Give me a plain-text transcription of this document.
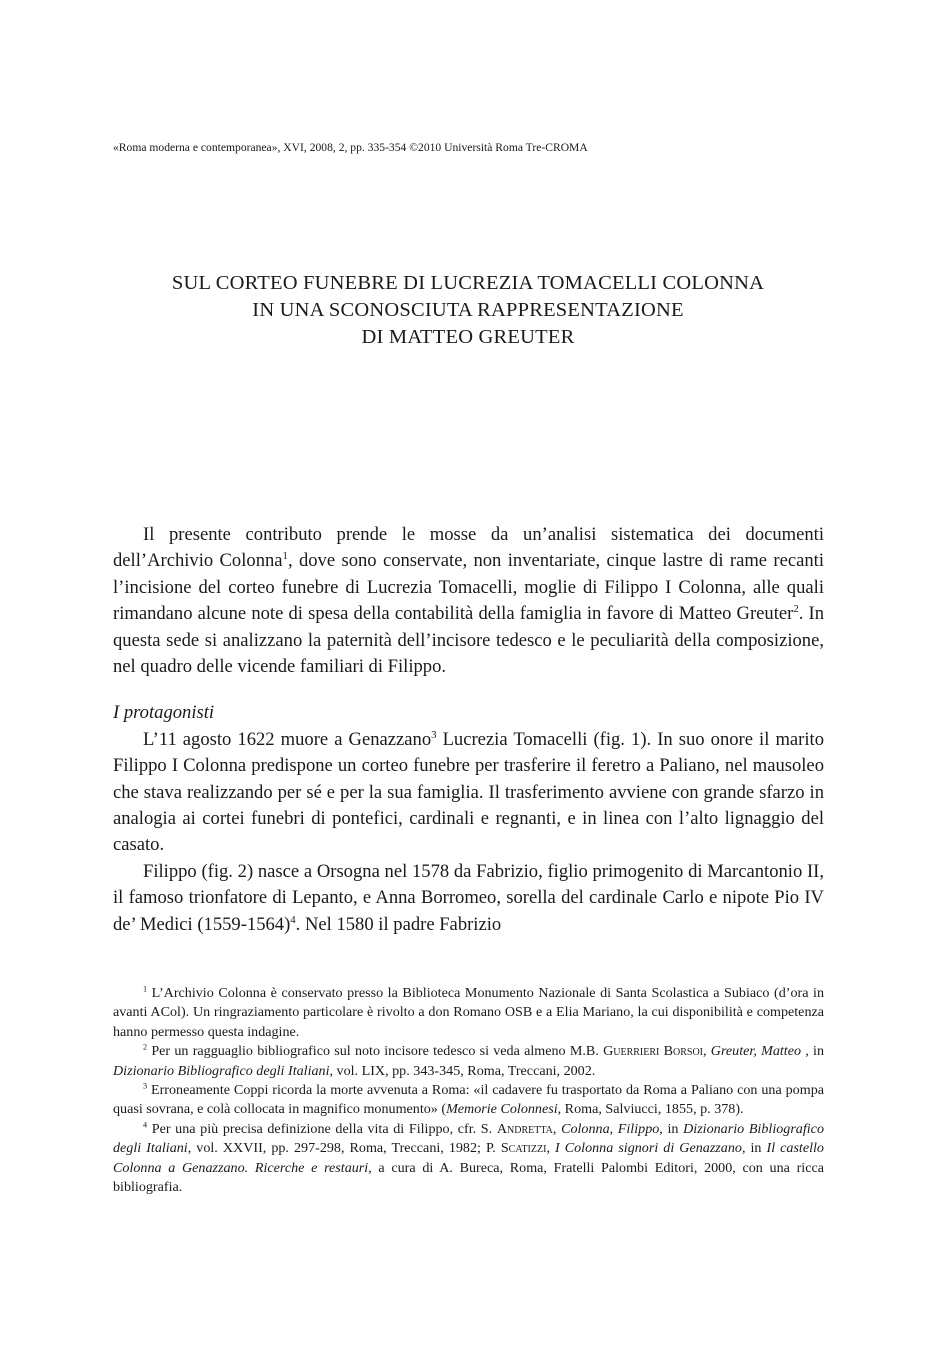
«Roma moderna e contemporanea», XVI, 2008, 2, pp. 335-354 ©2010 Università Roma Tre-CROMA
SUL CORTEO FUNEBRE DI LUCREZIA TOMACELLI COLONNA
IN UNA SCONOSCIUTA RAPPRESENTAZIONE
DI MATTEO GREUTER

Il presente contributo prende le mosse da un’analisi sistematica dei documenti dell’Archivio Colonna$^1$, dove sono conservate, non inventariate, cinque lastre di rame recanti l’incisione del corteo funebre di Lucrezia Tomacelli, moglie di Filippo I Colonna, alle quali rimandano alcune note di spesa della contabilità della famiglia in favore di Matteo Greuter$^2$. In questa sede si analizzano la paternità dell’incisore tedesco e le peculiarità della composizione, nel quadro delle vicende familiari di Filippo.

I protagonisti

L’11 agosto 1622 muore a Genazzano$^3$ Lucrezia Tomacelli (fig. 1). In suo onore il marito Filippo I Colonna predispone un corteo funebre per trasferire il feretro a Paliano, nel mausoleo che stava realizzando per sé e per la sua famiglia. Il trasferimento avviene con grande sfarzo in analogia ai cortei funebri di pontefici, cardinali e regnanti, e in linea con l’alto lignaggio del casato.

Filippo (fig. 2) nasce a Orsogna nel 1578 da Fabrizio, figlio primogenito di Marcantonio II, il famoso trionfatore di Lepanto, e Anna Borromeo, sorella del cardinale Carlo e nipote Pio IV de’ Medici (1559-1564)$^4$. Nel 1580 il padre Fabrizio

$^1$ L’Archivio Colonna è conservato presso la Biblioteca Monumento Nazionale di Santa Scolastica a Subiaco (d’ora in avanti ACol). Un ringraziamento particolare è rivolto a don Romano OSB e a Elia Mariano, la cui disponibilità e competenza hanno permesso questa indagine.

$^2$ Per un ragguaglio bibliografico sul noto incisore tedesco si veda almeno M.B. Guerrieri Borsoi, Greuter, Matteo , in Dizionario Bibliografico degli Italiani, vol. LIX, pp. 343-345, Roma, Treccani, 2002.

$^3$ Erroneamente Coppi ricorda la morte avvenuta a Roma: «il cadavere fu trasportato da Roma a Paliano con una pompa quasi sovrana, e colà collocata in magnifico monumento» (Memorie Colonnesi, Roma, Salviucci, 1855, p. 378).

$^4$ Per una più precisa definizione della vita di Filippo, cfr. S. Andretta, Colonna, Filippo, in Dizionario Bibliografico degli Italiani, vol. XXVII, pp. 297-298, Roma, Treccani, 1982; P. Scatizzi, I Colonna signori di Genazzano, in Il castello Colonna a Genazzano. Ricerche e restauri, a cura di A. Bureca, Roma, Fratelli Palombi Editori, 2000, con una ricca bibliografia.
